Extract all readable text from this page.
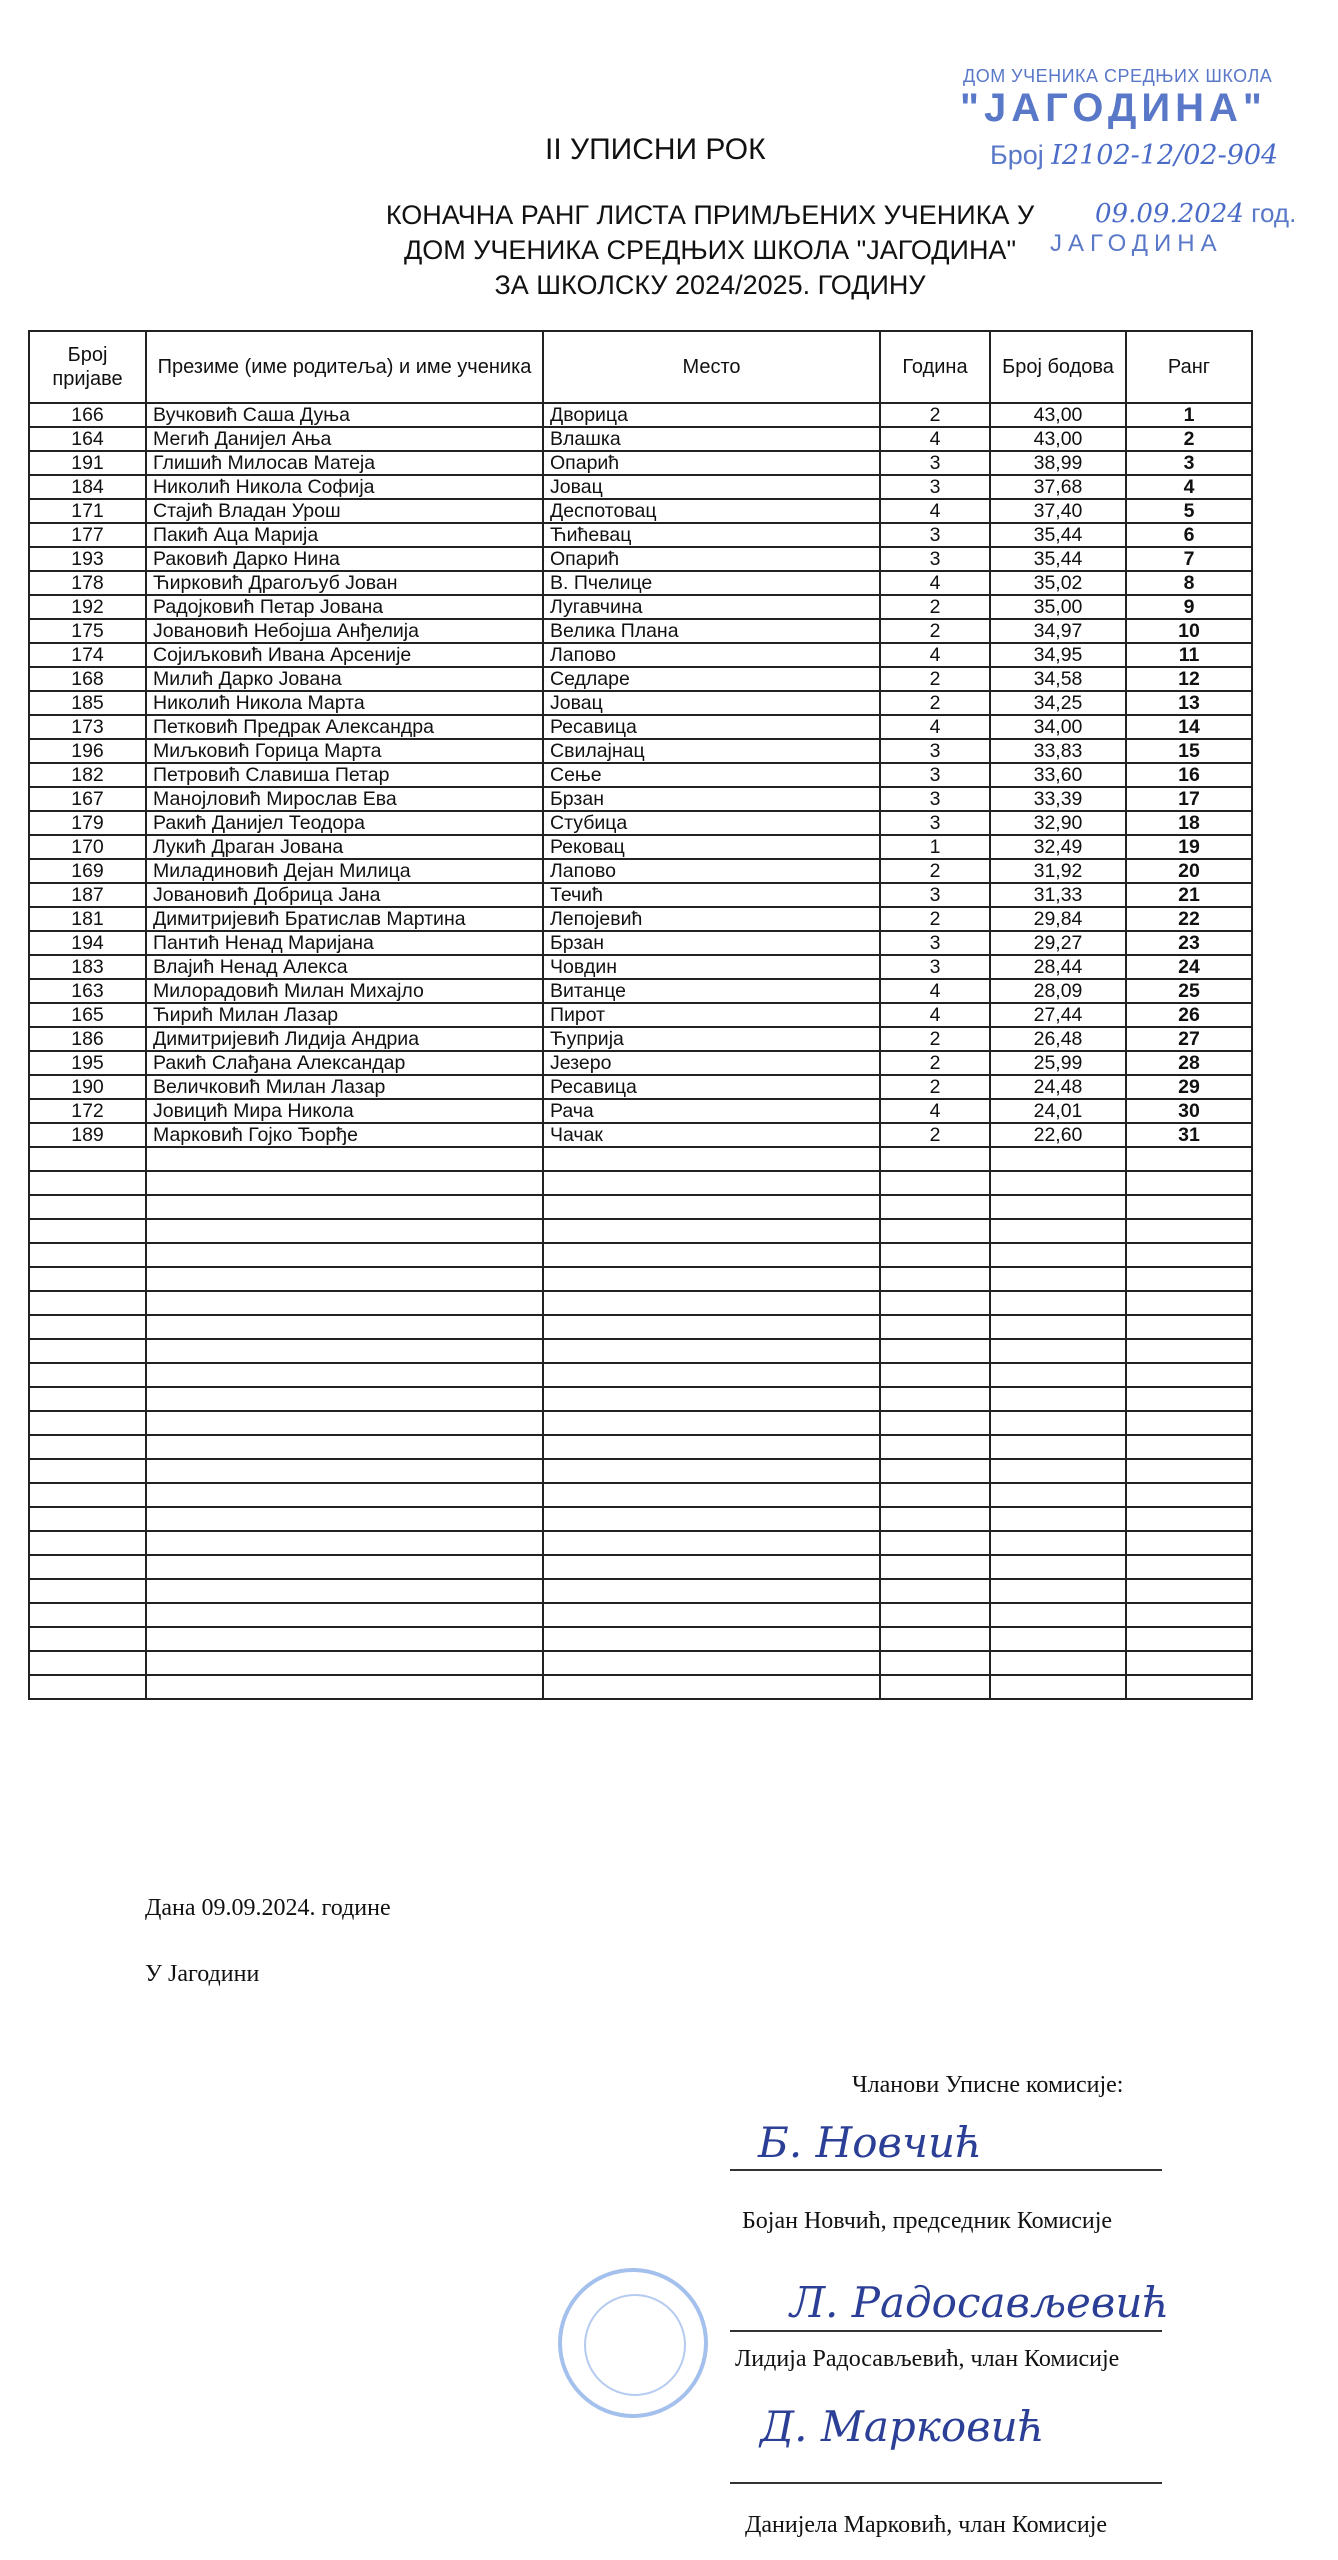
ДОМ УЧЕНИКА СРЕДЊИХ ШКОЛА
"ЈАГОДИНА"
Број I2102-12/02-904
09.09.2024 год.
ЈАГОДИНА
II УПИСНИ РОК
КОНАЧНА РАНГ ЛИСТА ПРИМЉЕНИХ УЧЕНИКА У
ДОМ УЧЕНИКА СРЕДЊИХ ШКОЛА "ЈАГОДИНА"
ЗА ШКОЛСКУ 2024/2025. ГОДИНУ
Број пријаве	Презиме (име родитеља) и име ученика	Место	Година	Број бодова	Ранг
166	Вучковић Саша Дуња	Дворица	2	43,00	1
164	Мегић Данијел Ања	Влашка	4	43,00	2
191	Глишић Милосав Матеја	Опарић	3	38,99	3
184	Николић Никола Софија	Јовац	3	37,68	4
171	Стајић Владан Урош	Деспотовац	4	37,40	5
177	Пакић Аца Марија	Ћићевац	3	35,44	6
193	Раковић Дарко Нина	Опарић	3	35,44	7
178	Ћирковић Драгољуб Јован	В. Пчелице	4	35,02	8
192	Радојковић Петар Јована	Лугавчина	2	35,00	9
175	Јовановић Небојша Анђелија	Велика Плана	2	34,97	10
174	Сојиљковић Ивана Арсеније	Лапово	4	34,95	11
168	Милић Дарко Јована	Седларе	2	34,58	12
185	Николић Никола Марта	Јовац	2	34,25	13
173	Петковић Предрак Александра	Ресавица	4	34,00	14
196	Миљковић Горица Марта	Свилајнац	3	33,83	15
182	Петровић Славиша Петар	Сење	3	33,60	16
167	Манојловић Мирослав Ева	Брзан	3	33,39	17
179	Ракић Данијел Теодора	Стубица	3	32,90	18
170	Лукић Драган Јована	Рековац	1	32,49	19
169	Миладиновић Дејан Милица	Лапово	2	31,92	20
187	Јовановић Добрица Јана	Течић	3	31,33	21
181	Димитријевић Братислав Мартина	Лепојевић	2	29,84	22
194	Пантић Ненад Маријана	Брзан	3	29,27	23
183	Влајић Ненад Алекса	Човдин	3	28,44	24
163	Милорадовић Милан Михајло	Витанце	4	28,09	25
165	Ћирић Милан Лазар	Пирот	4	27,44	26
186	Димитријевић Лидија Андриа	Ћуприја	2	26,48	27
195	Ракић Слађана Александар	Језеро	2	25,99	28
190	Величковић Милан Лазар	Ресавица	2	24,48	29
172	Јовицић Мира Никола	Рача	4	24,01	30
189	Марковић Гојко Ђорђе	Чачак	2	22,60	31

Дана 09.09.2024. године
У Јагодини
Чланови Уписне комисије:
Б. Новчић
Бојан Новчић, председник Комисије
Л. Радосављевић
Лидија Радосављевић, члан Комисије
Д. Марковић
Данијела Марковић, члан Комисије
